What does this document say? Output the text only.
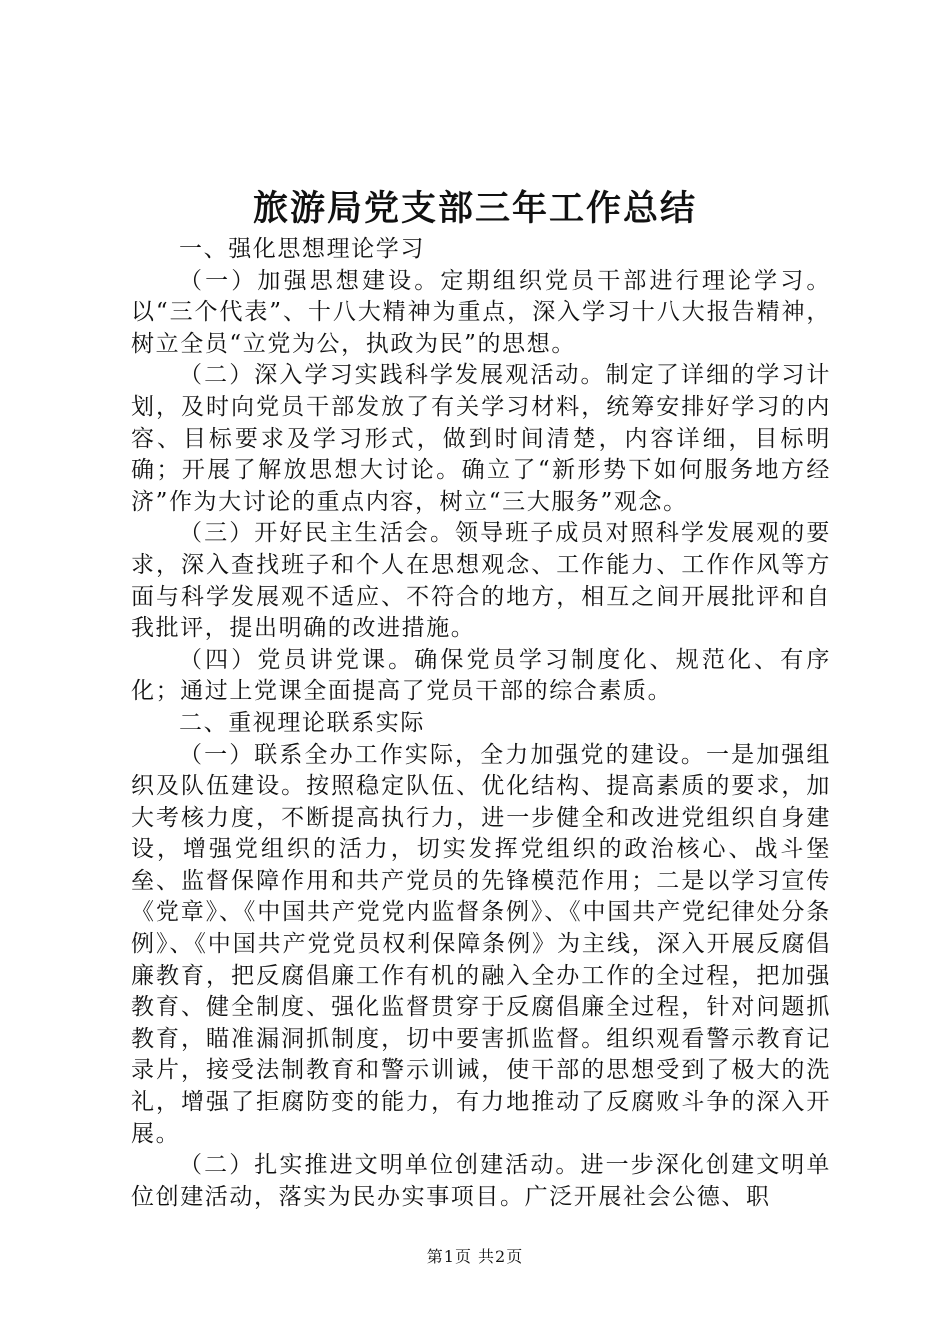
旅游局党支部三年工作总结

一、强化思想理论学习

（一）加强思想建设。定期组织党员干部进行理论学习。以“三个代表”、十八大精神为重点，深入学习十八大报告精神，树立全员“立党为公，执政为民”的思想。

（二）深入学习实践科学发展观活动。制定了详细的学习计划，及时向党员干部发放了有关学习材料，统筹安排好学习的内容、目标要求及学习形式，做到时间清楚，内容详细，目标明确；开展了解放思想大讨论。确立了“新形势下如何服务地方经济”作为大讨论的重点内容，树立“三大服务”观念。

（三）开好民主生活会。领导班子成员对照科学发展观的要求，深入查找班子和个人在思想观念、工作能力、工作作风等方面与科学发展观不适应、不符合的地方，相互之间开展批评和自我批评，提出明确的改进措施。

（四）党员讲党课。确保党员学习制度化、规范化、有序化；通过上党课全面提高了党员干部的综合素质。

二、重视理论联系实际

（一）联系全办工作实际，全力加强党的建设。一是加强组织及队伍建设。按照稳定队伍、优化结构、提高素质的要求，加大考核力度，不断提高执行力，进一步健全和改进党组织自身建设，增强党组织的活力，切实发挥党组织的政治核心、战斗堡垒、监督保障作用和共产党员的先锋模范作用；二是以学习宣传《党章》、《中国共产党党内监督条例》、《中国共产党纪律处分条例》、《中国共产党党员权利保障条例》为主线，深入开展反腐倡廉教育，把反腐倡廉工作有机的融入全办工作的全过程，把加强教育、健全制度、强化监督贯穿于反腐倡廉全过程，针对问题抓教育，瞄准漏洞抓制度，切中要害抓监督。组织观看警示教育记录片，接受法制教育和警示训诫，使干部的思想受到了极大的洗礼，增强了拒腐防变的能力，有力地推动了反腐败斗争的深入开展。

（二）扎实推进文明单位创建活动。进一步深化创建文明单位创建活动，落实为民办实事项目。广泛开展社会公德、职

第1页 共2页
